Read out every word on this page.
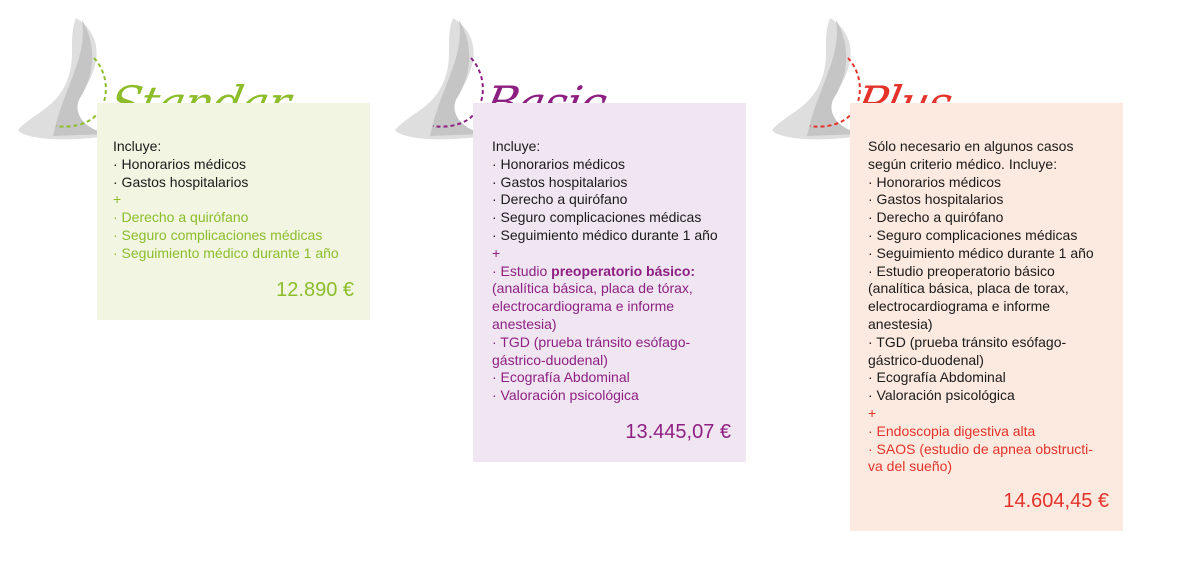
Incluye:
· Honorarios médicos
· Gastos hospitalarios
+
· Derecho a quirófano
· Seguro complicaciones médicas
· Seguimiento médico durante 1 año
12.890 €
Incluye:
· Honorarios médicos
· Gastos hospitalarios
· Derecho a quirófano
· Seguro complicaciones médicas
· Seguimiento médico durante 1 año
+
· Estudio preoperatorio básico:
(analítica básica, placa de tórax,
electrocardiograma e informe
anestesia)
· TGD (prueba tránsito esófago-
gástrico-duodenal)
· Ecografía Abdominal
· Valoración psicológica
13.445,07 €
Sólo necesario en algunos casos
según criterio médico. Incluye:
· Honorarios médicos
· Gastos hospitalarios
· Derecho a quirófano
· Seguro complicaciones médicas
· Seguimiento médico durante 1 año
· Estudio preoperatorio básico
(analítica básica, placa de torax,
electrocardiograma e informe
anestesia)
· TGD (prueba tránsito esófago-
gástrico-duodenal)
· Ecografía Abdominal
· Valoración psicológica
+
· Endoscopia digestiva alta
· SAOS (estudio de apnea obstructi-
va del sueño)
14.604,45 €
